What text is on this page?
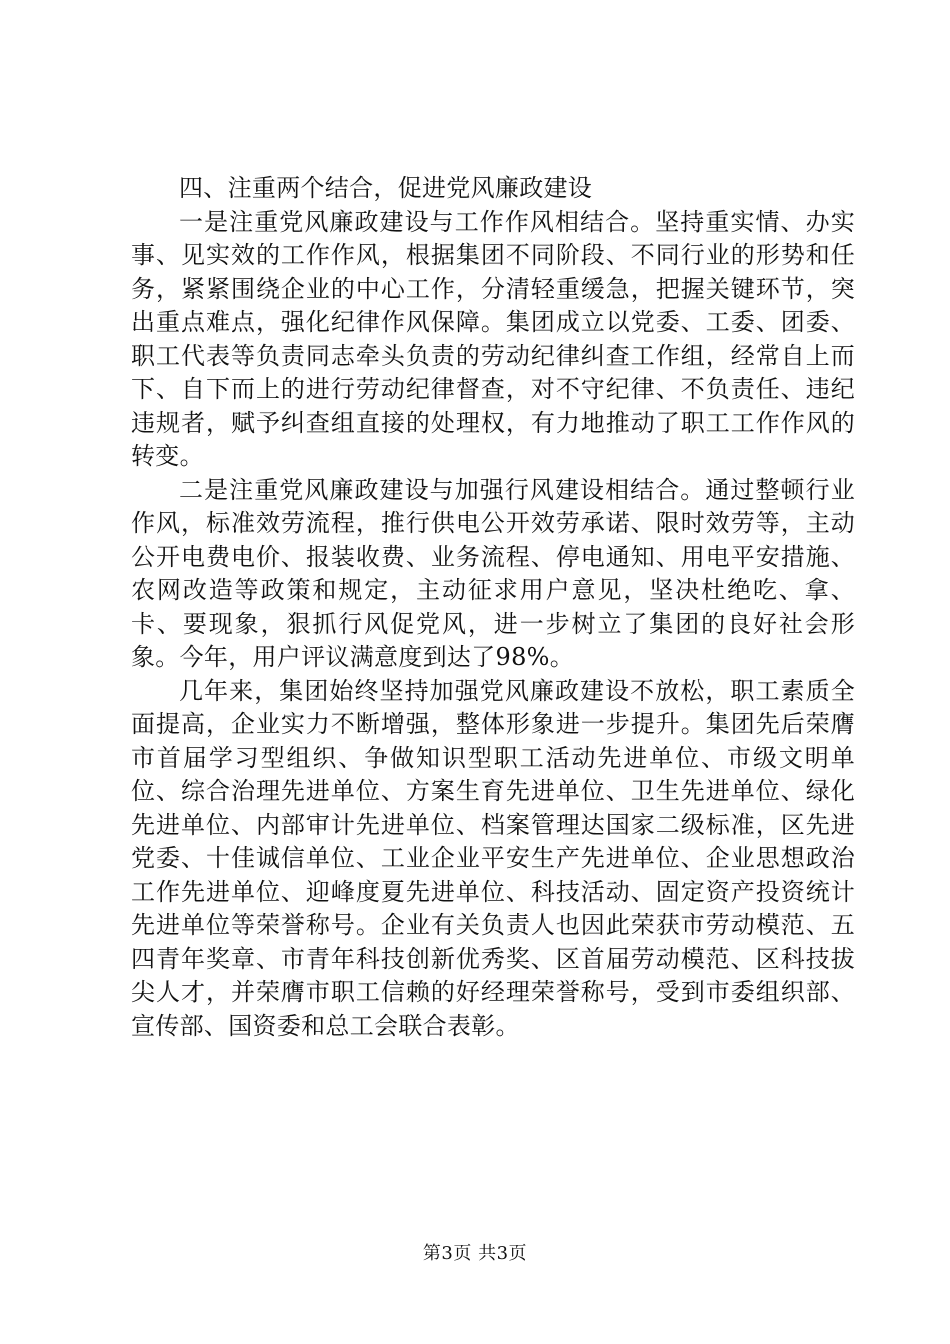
四、注重两个结合，促进党风廉政建设

一是注重党风廉政建设与工作作风相结合。坚持重实情、办实事、见实效的工作作风，根据集团不同阶段、不同行业的形势和任务，紧紧围绕企业的中心工作，分清轻重缓急，把握关键环节，突出重点难点，强化纪律作风保障。集团成立以党委、工委、团委、职工代表等负责同志牵头负责的劳动纪律纠查工作组，经常自上而下、自下而上的进行劳动纪律督查，对不守纪律、不负责任、违纪违规者，赋予纠查组直接的处理权，有力地推动了职工工作作风的转变。

二是注重党风廉政建设与加强行风建设相结合。通过整顿行业作风，标准效劳流程，推行供电公开效劳承诺、限时效劳等，主动公开电费电价、报装收费、业务流程、停电通知、用电平安措施、农网改造等政策和规定，主动征求用户意见，坚决杜绝吃、拿、卡、要现象，狠抓行风促党风，进一步树立了集团的良好社会形象。今年，用户评议满意度到达了98%。

几年来，集团始终坚持加强党风廉政建设不放松，职工素质全面提高，企业实力不断增强，整体形象进一步提升。集团先后荣膺市首届学习型组织、争做知识型职工活动先进单位、市级文明单位、综合治理先进单位、方案生育先进单位、卫生先进单位、绿化先进单位、内部审计先进单位、档案管理达国家二级标准，区先进党委、十佳诚信单位、工业企业平安生产先进单位、企业思想政治工作先进单位、迎峰度夏先进单位、科技活动、固定资产投资统计先进单位等荣誉称号。企业有关负责人也因此荣获市劳动模范、五四青年奖章、市青年科技创新优秀奖、区首届劳动模范、区科技拔尖人才，并荣膺市职工信赖的好经理荣誉称号，受到市委组织部、宣传部、国资委和总工会联合表彰。

第3页 共3页
